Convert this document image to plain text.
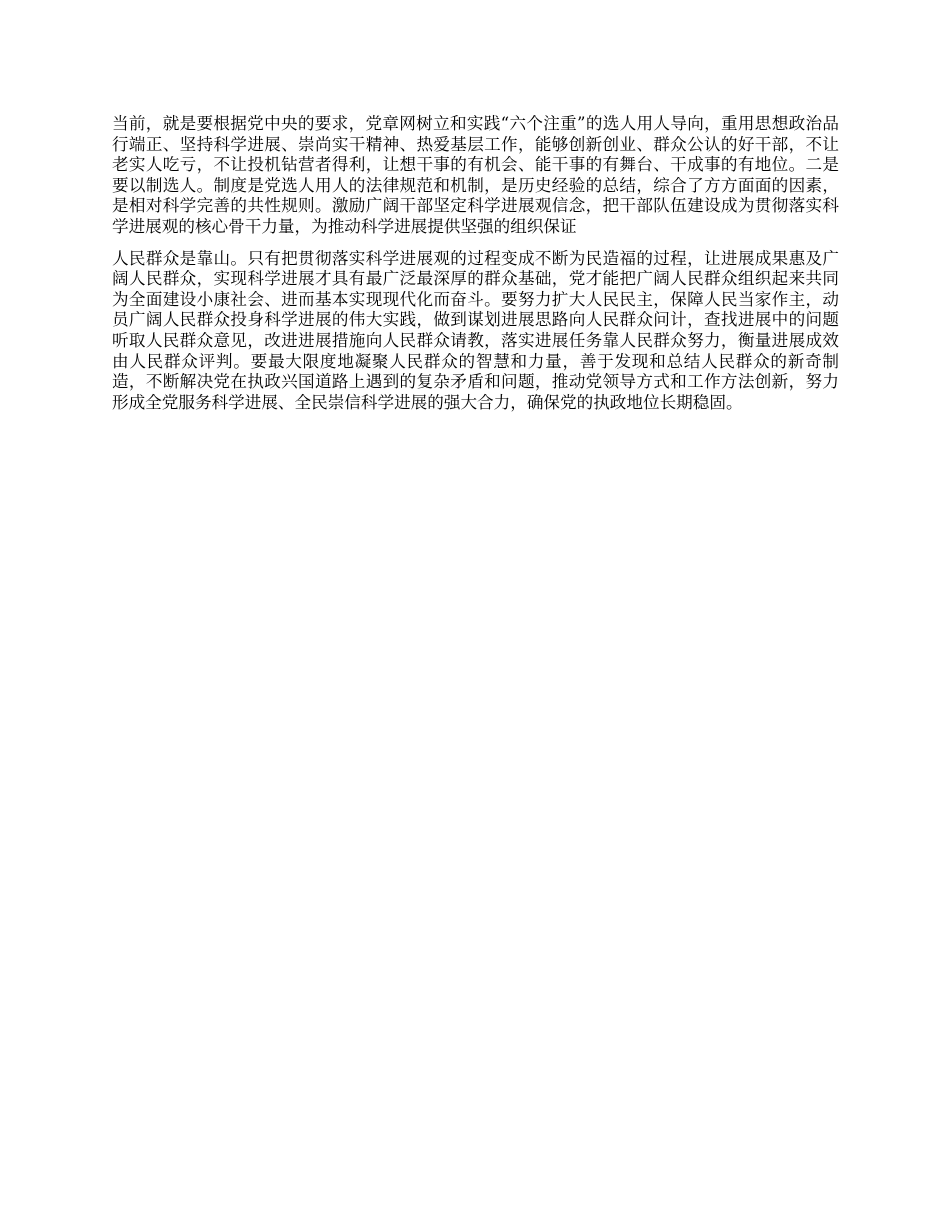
当前，就是要根据党中央的要求，党章网树立和实践“六个注重”的选人用人导向，重用思想政治品行端正、坚持科学进展、崇尚实干精神、热爱基层工作，能够创新创业、群众公认的好干部，不让老实人吃亏，不让投机钻营者得利，让想干事的有机会、能干事的有舞台、干成事的有地位。二是要以制选人。制度是党选人用人的法律规范和机制，是历史经验的总结，综合了方方面面的因素，是相对科学完善的共性规则。激励广阔干部坚定科学进展观信念，把干部队伍建设成为贯彻落实科学进展观的核心骨干力量，为推动科学进展提供坚强的组织保证

人民群众是靠山。只有把贯彻落实科学进展观的过程变成不断为民造福的过程，让进展成果惠及广阔人民群众，实现科学进展才具有最广泛最深厚的群众基础，党才能把广阔人民群众组织起来共同为全面建设小康社会、进而基本实现现代化而奋斗。要努力扩大人民民主，保障人民当家作主，动员广阔人民群众投身科学进展的伟大实践，做到谋划进展思路向人民群众问计，查找进展中的问题听取人民群众意见，改进进展措施向人民群众请教，落实进展任务靠人民群众努力，衡量进展成效由人民群众评判。要最大限度地凝聚人民群众的智慧和力量，善于发现和总结人民群众的新奇制造，不断解决党在执政兴国道路上遇到的复杂矛盾和问题，推动党领导方式和工作方法创新，努力形成全党服务科学进展、全民崇信科学进展的强大合力，确保党的执政地位长期稳固。
